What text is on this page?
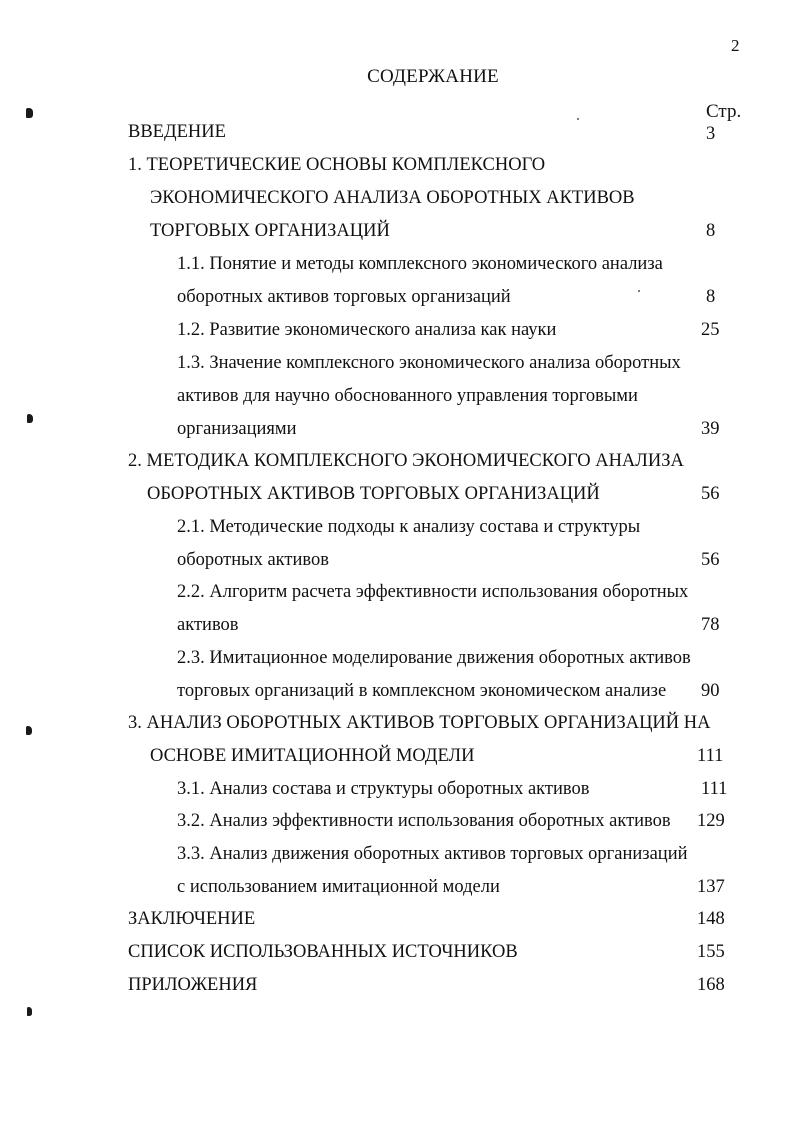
2
СОДЕРЖАНИЕ
Стр.
ВВЕДЕНИЕ	3
1. ТЕОРЕТИЧЕСКИЕ ОСНОВЫ КОМПЛЕКСНОГО
ЭКОНОМИЧЕСКОГО АНАЛИЗА ОБОРОТНЫХ АКТИВОВ
ТОРГОВЫХ ОРГАНИЗАЦИЙ	8
1.1. Понятие и методы комплексного экономического анализа
оборотных активов торговых организаций	8
1.2. Развитие экономического анализа как науки	25
1.3. Значение комплексного экономического анализа оборотных
активов для научно обоснованного управления торговыми
организациями	39
2. МЕТОДИКА КОМПЛЕКСНОГО ЭКОНОМИЧЕСКОГО АНАЛИЗА
ОБОРОТНЫХ АКТИВОВ ТОРГОВЫХ ОРГАНИЗАЦИЙ	56
2.1. Методические подходы к анализу состава и структуры
оборотных активов	56
2.2. Алгоритм расчета эффективности использования оборотных
активов	78
2.3. Имитационное моделирование движения оборотных активов
торговых организаций в комплексном экономическом анализе 90
3. АНАЛИЗ ОБОРОТНЫХ АКТИВОВ ТОРГОВЫХ ОРГАНИЗАЦИЙ НА
ОСНОВЕ ИМИТАЦИОННОЙ МОДЕЛИ	111
3.1. Анализ состава и структуры оборотных активов	111
3.2. Анализ эффективности использования оборотных активов 129
3.3. Анализ движения оборотных активов торговых организаций
с использованием имитационной модели	137
ЗАКЛЮЧЕНИЕ	148
СПИСОК ИСПОЛЬЗОВАННЫХ ИСТОЧНИКОВ	155
ПРИЛОЖЕНИЯ	168
